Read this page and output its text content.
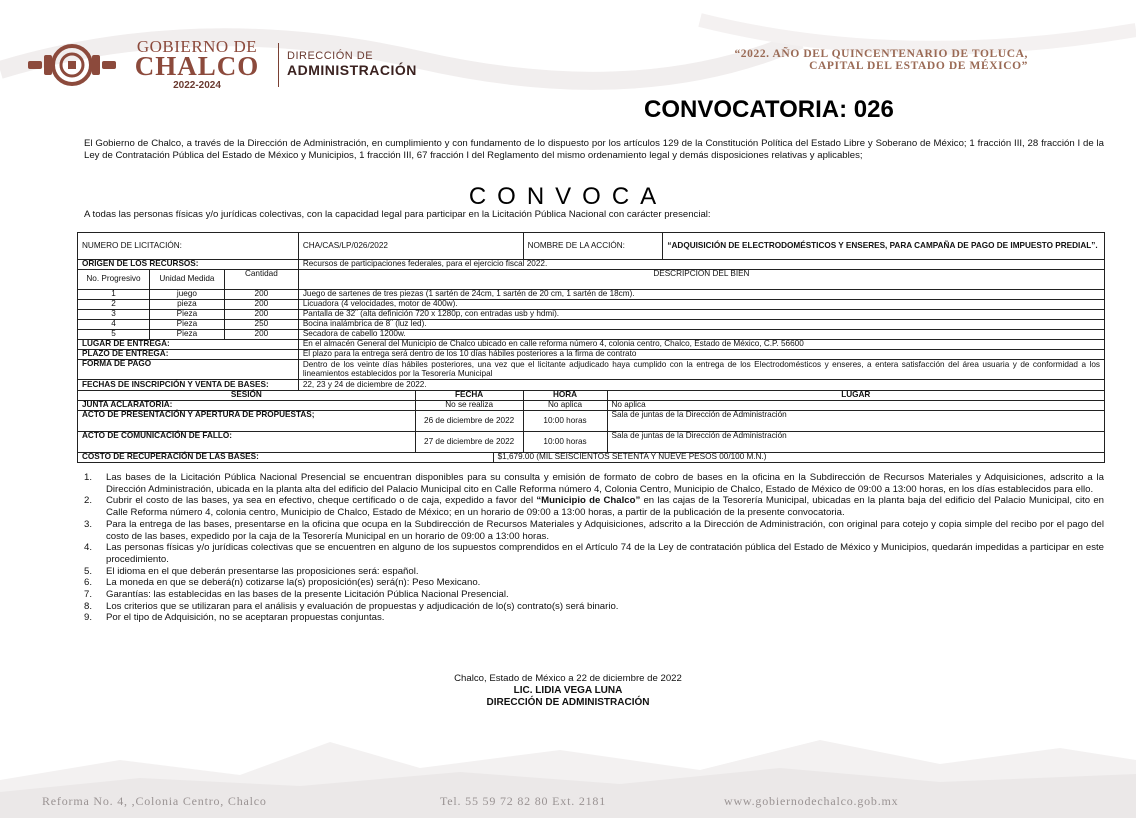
GOBIERNO DE
CHALCO
2022-2024
DIRECCIÓN DE
ADMINISTRACIÓN
“2022. AÑO DEL QUINCENTENARIO DE TOLUCA,
CAPITAL DEL ESTADO DE MÉXICO”
CONVOCATORIA: 026
El Gobierno de Chalco, a través de la Dirección de Administración, en cumplimiento y con fundamento de lo dispuesto por los artículos 129 de la Constitución Política del Estado Libre y Soberano de México; 1 fracción III, 28 fracción I de la Ley de Contratación Pública del Estado de México y Municipios, 1 fracción III, 67 fracción I del Reglamento del mismo ordenamiento legal y demás disposiciones relativas y aplicables;
CONVOCA
A todas las personas físicas y/o jurídicas colectivas, con la capacidad legal para participar en la Licitación Pública Nacional con carácter presencial:
NUMERO DE LICITACIÓN:			CHA/CAS/LP/026/2022			NOMBRE DE LA ACCIÓN:		“ADQUISICIÓN DE ELECTRODOMÉSTICOS Y ENSERES, PARA CAMPAÑA DE PAGO DE IMPUESTO PREDIAL”.
ORIGEN DE LOS RECURSOS:			Recursos de participaciones federales, para el ejercicio fiscal 2022.					
No. Progresivo	Unidad Medida	Cantidad	DESCRIPCION DEL BIEN					
1	juego	200	Juego de sartenes de tres piezas (1 sartén de 24cm, 1 sartén de 20 cm, 1 sartén de 18cm).					
2	pieza	200	Licuadora (4 velocidades, motor de 400w).					
3	Pieza	200	Pantalla de 32¨ (alta definición 720 x 1280p, con entradas usb y hdmi).					
4	Pieza	250	Bocina inalámbrica de 8¨ (luz led).					
5	Pieza	200	Secadora de cabello 1200w.					
LUGAR DE ENTREGA:			En el almacén General del Municipio de Chalco ubicado en calle reforma número 4, colonia centro, Chalco, Estado de México, C.P. 56600					
PLAZO DE ENTREGA:			El plazo para la entrega será dentro de los 10 días hábiles posteriores a la firma de contrato					
FORMA DE PAGO			Dentro de los veinte días hábiles posteriores, una vez que el licitante adjudicado haya cumplido con la entrega de los Electrodomésticos y enseres, a entera satisfacción del área usuaria y de conformidad a los lineamientos establecidos por la Tesorería Municipal					
FECHAS DE INSCRIPCIÓN Y VENTA DE BASES:			22, 23 y 24 de diciembre de 2022.					
SESIÓN				FECHA		HORA	LUGAR	
JUNTA ACLARATORIA:				No se realiza		No aplica	No aplica	
ACTO DE PRESENTACIÓN Y APERTURA DE PROPUESTAS;				26 de diciembre de 2022		10:00 horas	Sala de juntas de la Dirección de Administración	
ACTO DE COMUNICACIÓN DE FALLO:				27 de diciembre de 2022		10:00 horas	Sala de juntas de la Dirección de Administración	
COSTO DE RECUPERACIÓN DE LAS BASES:					$1,679.00 (MIL SEISCIENTOS SETENTA Y NUEVE PESOS 00/100 M.N.)			
1.	Las bases de la Licitación Pública Nacional Presencial se encuentran disponibles para su consulta y emisión de formato de cobro de bases en la oficina en la Subdirección de Recursos Materiales y Adquisiciones, adscrito a la Dirección Administración, ubicada en la planta alta del edificio del Palacio Municipal cito en Calle Reforma número 4, Colonia Centro, Municipio de Chalco, Estado de México de 09:00 a 13:00 horas, en los días establecidos para ello.
2.	Cubrir el costo de las bases, ya sea en efectivo, cheque certificado o de caja, expedido a favor del “Municipio de Chalco” en las cajas de la Tesorería Municipal, ubicadas en la planta baja del edificio del Palacio Municipal, cito en Calle Reforma número 4, colonia centro, Municipio de Chalco, Estado de México; en un horario de 09:00 a 13:00 horas, a partir de la publicación de la presente convocatoria.
3.	Para la entrega de las bases, presentarse en la oficina que ocupa en la Subdirección de Recursos Materiales y Adquisiciones, adscrito a la Dirección de Administración, con original para cotejo y copia simple del recibo por el pago del costo de las bases, expedido por la caja de la Tesorería Municipal en un horario de 09:00 a 13:00 horas.
4.	Las personas físicas y/o jurídicas colectivas que se encuentren en alguno de los supuestos comprendidos en el Artículo 74 de la Ley de contratación pública del Estado de México y Municipios, quedarán impedidas a participar en este procedimiento.
5.	El idioma en el que deberán presentarse las proposiciones será: español.
6.	La moneda en que se deberá(n) cotizarse la(s) proposición(es) será(n): Peso Mexicano.
7.	Garantías: las establecidas en las bases de la presente Licitación Pública Nacional Presencial.
8.	Los criterios que se utilizaran para el análisis y evaluación de propuestas y adjudicación de lo(s) contrato(s) será binario.
9.	Por el tipo de Adquisición, no se aceptaran propuestas conjuntas.
Chalco, Estado de México a 22 de diciembre de 2022
LIC. LIDIA VEGA LUNA
DIRECCIÓN DE ADMINISTRACIÓN
Reforma No. 4, ,Colonia Centro, Chalco	Tel. 55 59 72 82 80 Ext. 2181	www.gobiernodechalco.gob.mx
